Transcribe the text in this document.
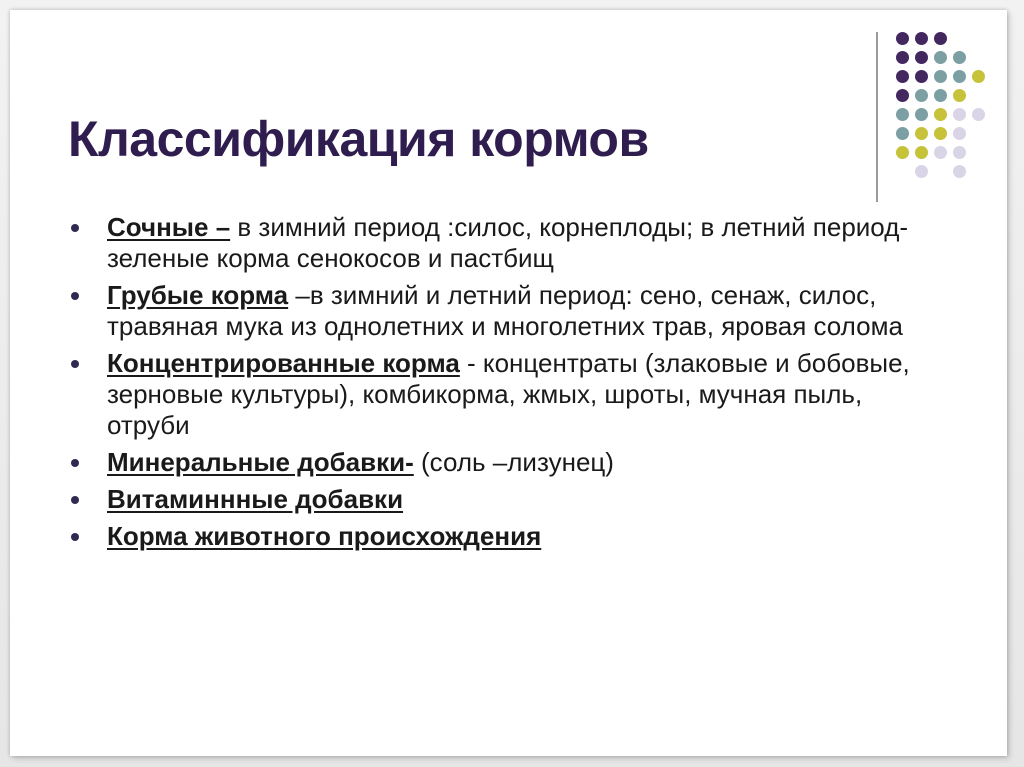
Классификация кормов
Сочные – в зимний период :силос, корнеплоды; в летний период- зеленые корма сенокосов и пастбищ
Грубые корма –в зимний и летний период: сено, сенаж, силос, травяная мука из однолетних и многолетних трав, яровая солома
Концентрированные корма - концентраты (злаковые и бобовые, зерновые культуры), комбикорма, жмых, шроты, мучная пыль, отруби
Минеральные добавки- (соль –лизунец)
Витаминнные добавки
Корма животного происхождения
